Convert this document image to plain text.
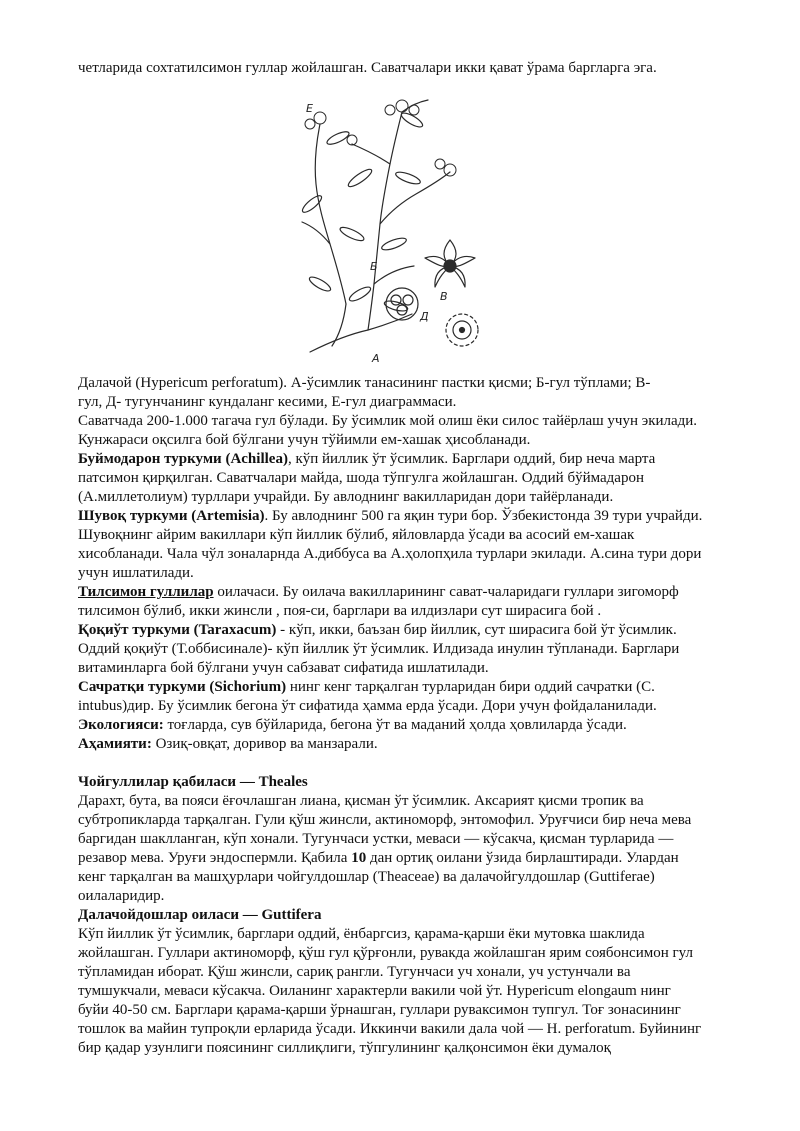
четларида сохтатилсимон гуллар жойлашган. Саватчалари икки қават ўрама баргларга эга.

Е
Б
В
Д
А

Далачой (Hypericum perforatum). А-ўсимлик танасининг пастки қисми; Б-гул тўплами; В-

гул, Д- тугунчанинг кундаланг кесими, Е-гул диаграммаси.

Саватчада 200-1.000 тагача гул бўлади. Бу ўсимлик мой олиш ёки силос тайёрлаш учун экилади.

Кунжараси оқсилга бой бўлгани учун тўйимли ем-хашак ҳисобланади.

Буймодарон туркуми (Achillea), кўп йиллик ўт ўсимлик. Барглари оддий, бир неча марта

патсимон қирқилган. Саватчалари майда, шода тўпгулга жойлашган. Оддий бўймадарон

(А.миллетолиум) турллари учрайди. Бу авлоднинг вакилларидан дори тайёрланади.

Шувоқ туркуми (Artemisia). Бу авлоднинг 500 га яқин тури бор. Ўзбекистонда 39 тури учрайди.

Шувоқнинг айрим вакиллари кўп йиллик бўлиб, яйловларда ўсади ва асосий ем-хашак

хисобланади. Чала чўл зоналарнда А.диббуса ва А.ҳолопҳила турлари экилади. А.сина тури дори

учун ишлатилади.

Тилсимон гуллилар оилачаси. Бу оилача вакилларининг сават-чаларидаги гуллари зигоморф

тилсимон бўлиб, икки жинсли , поя-си, барглари ва илдизлари сут ширасига бой .

Қоқиўт туркуми (Taraxacum) - кўп, икки, баъзан бир йиллик, сут ширасига бой ўт ўсимлик.

Оддий қоқиўт (Т.оббисинале)- кўп йиллик ўт ўсимлик. Илдизада инулин тўпланади. Барглари

витаминларга бой бўлгани учун сабзават сифатида ишлатилади.

Сачратқи туркуми (Sichorium) нинг кенг тарқалган турларидан бири оддий сачратки (С.

intubus)дир. Бу ўсимлик бегона ўт сифатида ҳамма ерда ўсади. Дори учун фойдаланилади.

Экологияси: тоғларда, сув бўйларида, бегона ўт ва маданий ҳолда ҳовлиларда ўсади.

Аҳамияти: Озиқ-овқат, доривор ва манзарали.

Чойгуллилар қабиласи — Theales

Дарахт, бута, ва пояси ёғочлашган лиана, қисман ўт ўсимлик. Аксарият қисми тропик ва

субтропикларда тарқалган. Гули қўш жинсли, актиноморф, энтомофил. Уруғчиси бир неча мева

баргидан шаклланган, кўп хонали. Тугунчаси устки, меваси — кўсакча, қисман турларида —

резавор мева. Уруғи эндоспермли. Қабила 10 дан ортиқ оилани ўзида бирлаштиради. Улардан

кенг тарқалган ва машҳурлари чойгулдошлар (Theaceae) ва далачойгулдошлар (Guttiferae)

оилаларидир.

Далачойдошлар оиласи — Guttifera

Кўп йиллик ўт ўсимлик, барглари оддий, ёнбаргсиз, қарама-қарши ёки мутовка шаклида

жойлашган. Гуллари актиноморф, қўш гул қўрғонли, рувакда жойлашган ярим соябонсимон гул

тўпламидан иборат. Қўш жинсли, сариқ рангли. Тугунчаси уч хонали, уч устунчали ва

тумшукчали, меваси кўсакча. Оиланинг характерли вакили чой ўт. Hypericum elongaum нинг

буйи 40-50 см. Барглари қарама-қарши ўрнашган, гуллари руваксимон тупгул. Toғ зонасининг

тошлок ва майин тупроқли ерларида ўсади. Иккинчи вакили дала чой — H. perforatum. Буйининг

бир қадар узунлиги поясининг силлиқлиги, тўпгулининг қалқонсимон ёки думалоқ
